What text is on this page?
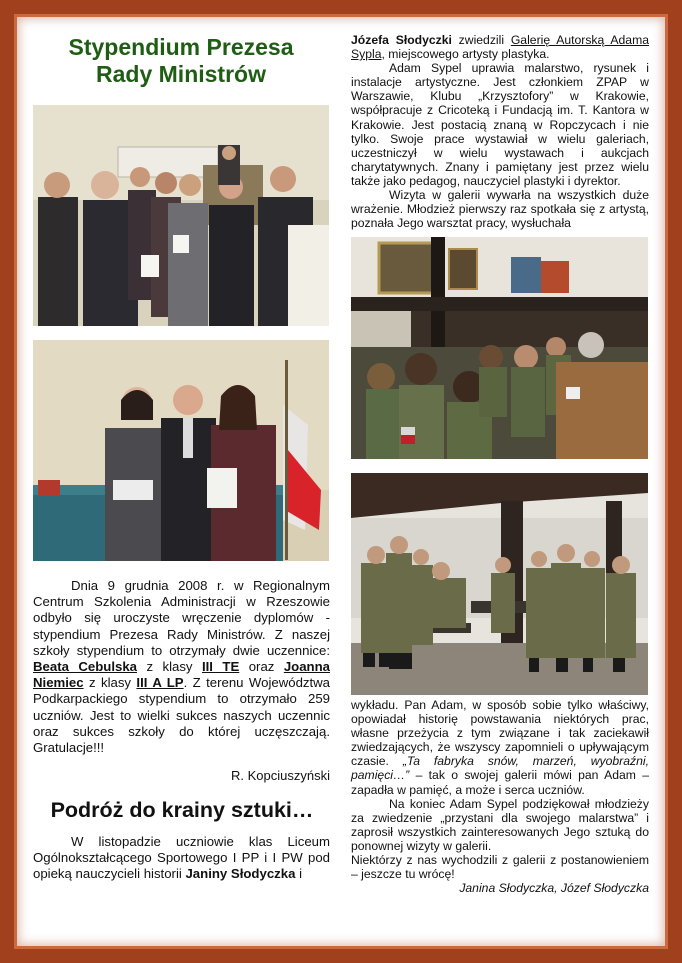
Stypendium Prezesa
Rady Ministrów

Dnia 9 grudnia 2008 r. w Regionalnym Centrum Szkolenia Administracji w Rzeszowie odbyło się uroczyste wręczenie dyplomów - stypendium Prezesa Rady Ministrów. Z naszej szkoły stypendium to otrzymały dwie uczennice: Beata Cebulska z klasy III TE oraz Joanna Niemiec z klasy III A LP. Z terenu Województwa Podkarpackiego stypendium to otrzymało 259 uczniów. Jest to wielki sukces naszych uczennic oraz sukces szkoły do której uczęszczają. Gratulacje!!!

R. Kopciuszyński
Podróż do krainy sztuki…

W listopadzie uczniowie klas Liceum Ogólnokształcącego Sportowego I PP i I PW pod opieką nauczycieli historii Janiny Słodyczka i

Józefa Słodyczki zwiedzili Galerię Autorską Adama Sypla, miejscowego artysty plastyka.

Adam Sypel uprawia malarstwo, rysunek i instalacje artystyczne. Jest członkiem ZPAP w Warszawie, Klubu „Krzysztofory” w Krakowie, współpracuje z Cricoteką i Fundacją im. T. Kantora w Krakowie. Jest postacią znaną w Ropczycach i nie tylko. Swoje prace wystawiał w wielu galeriach, uczestniczył w wielu wystawach i aukcjach charytatywnych. Znany i pamiętany jest przez wielu także jako pedagog, nauczyciel plastyki i dyrektor.

Wizyta w galerii wywarła na wszystkich duże wrażenie. Młodzież pierwszy raz spotkała się z artystą, poznała Jego warsztat pracy, wysłuchała

wykładu. Pan Adam, w sposób sobie tylko właściwy, opowiadał historię powstawania niektórych prac, własne przeżycia z tym związane i tak zaciekawił zwiedzających, że wszyscy zapomnieli o upływającym czasie. „Ta fabryka snów, marzeń, wyobraźni, pamięci…” – tak o swojej galerii mówi pan Adam – zapadła w pamięć, a może i serca uczniów.

Na koniec Adam Sypel podziękował młodzieży za zwiedzenie „przystani dla swojego malarstwa” i zaprosił wszystkich zainteresowanych Jego sztuką do ponownej wizyty w galerii.

Niektórzy z nas wychodzili z galerii z postanowieniem – jeszcze tu wrócę!

Janina Słodyczka, Józef Słodyczka
